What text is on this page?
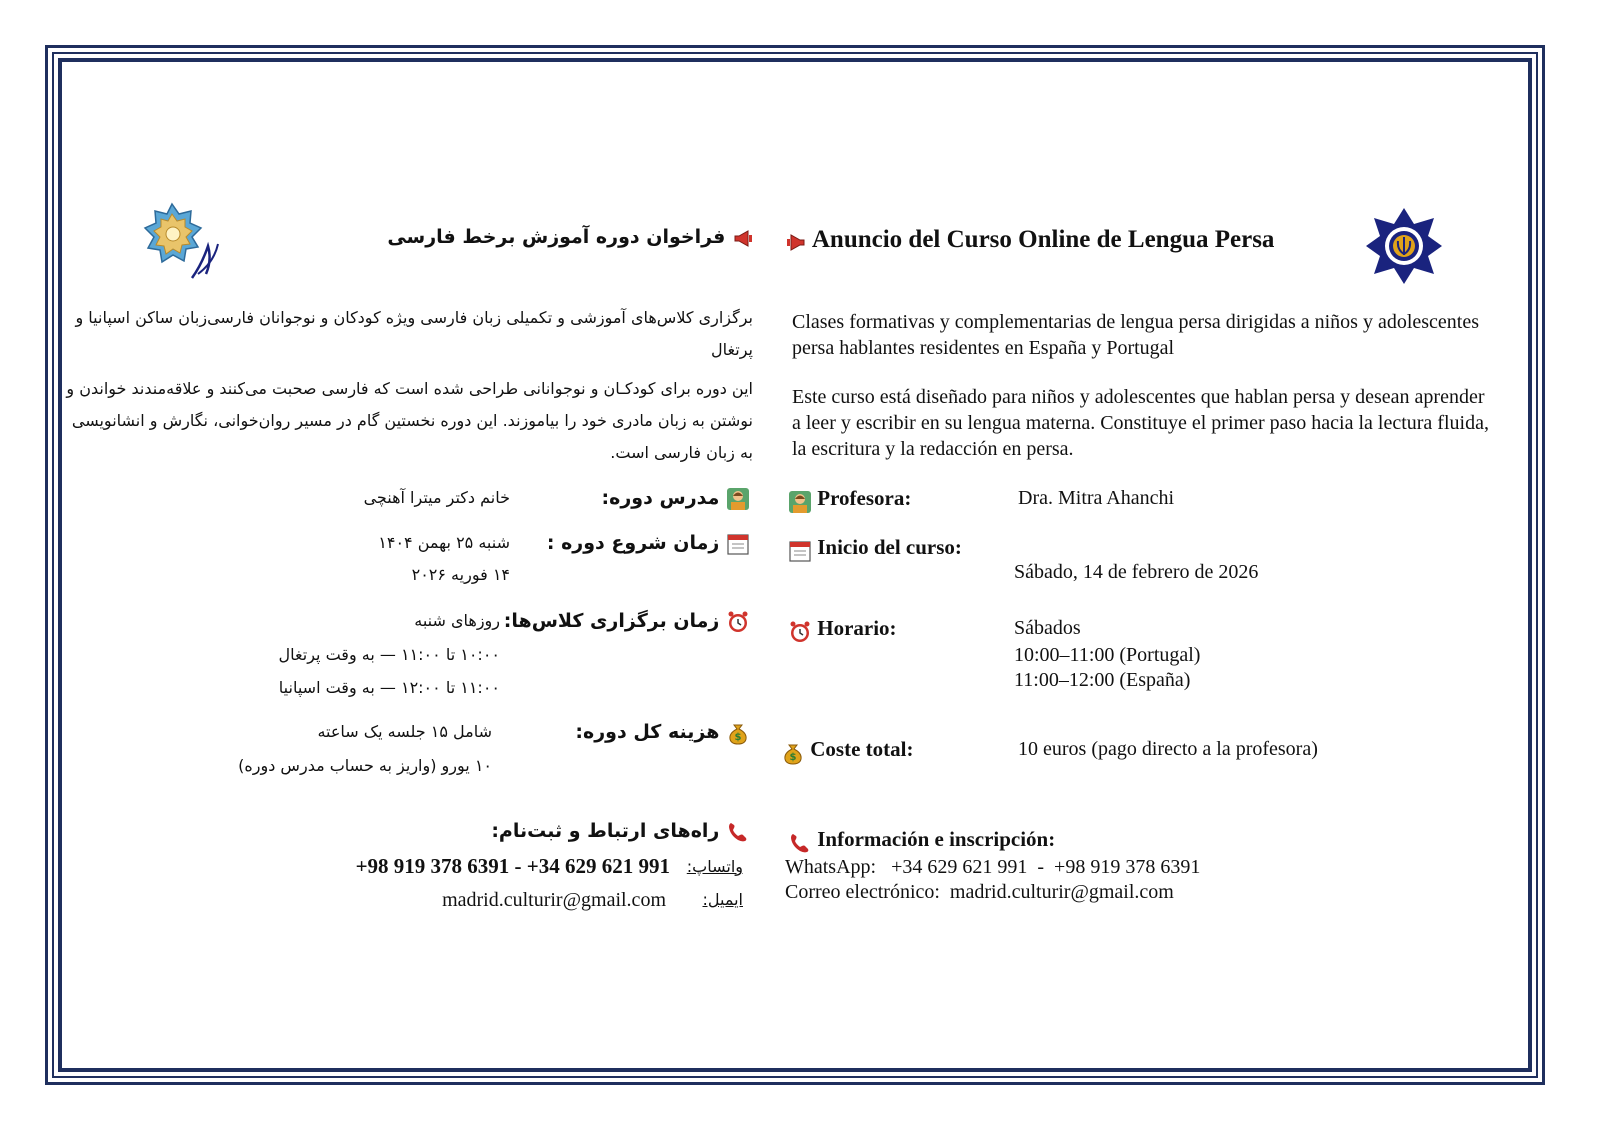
فراخوان دوره آموزش برخط فارسی
برگزاری کلاس‌های آموزشی و تکمیلی زبان فارسی ویژه کودکان و نوجوانان فارسی‌زبان ساکن اسپانیا و پرتغال
این دوره برای کودکـان و نوجوانانی طراحی شده است که فارسی صحبت می‌کنند و علاقه‌مندند خواندن و نوشتن به زبان مادری خود را بیاموزند. این دوره نخستین گام در مسیر روان‌خوانی، نگارش و انشانویسی به زبان فارسی است.
مدرس دوره:
خانم دکتر میترا آهنچی
زمان شروع دوره :
شنبه ۲۵ بهمن ۱۴۰۴
۱۴ فوریه ۲۰۲۶
زمان برگزاری کلاس‌ها:
روزهای شنبه
۱۰:۰۰ تا ۱۱:۰۰ — به وقت پرتغال
۱۱:۰۰ تا ۱۲:۰۰ — به وقت اسپانیا
$
هزینه کل دوره:
شامل ۱۵ جلسه یک ساعته
۱۰ یورو (واریز به حساب مدرس دوره)
راه‌های ارتباط و ثبت‌نام:
واتساپ:
+98 919 378 6391 - +34 629 621 991
ایمیل:
madrid.culturir@gmail.com
Anuncio del Curso Online de Lengua Persa
Clases formativas y complementarias de lengua persa dirigidas a niños y adolescentes persa hablantes residentes en España y Portugal
Este curso está diseñado para niños y adolescentes que hablan persa y desean aprender a leer y escribir en su lengua materna. Constituye el primer paso hacia la lectura fluida, la escritura y la redacción en persa.
Profesora:	Dra. Mitra Ahanchi
Inicio del curso:
Sábado, 14 de febrero de 2026
Horario:	Sábados
10:00–11:00 (Portugal)
11:00–12:00 (España)
$ Coste total:	10 euros (pago directo a la profesora)
Información e inscripción:
WhatsApp:   +34 629 621 991  -  +98 919 378 6391
Correo electrónico:  madrid.culturir@gmail.com
